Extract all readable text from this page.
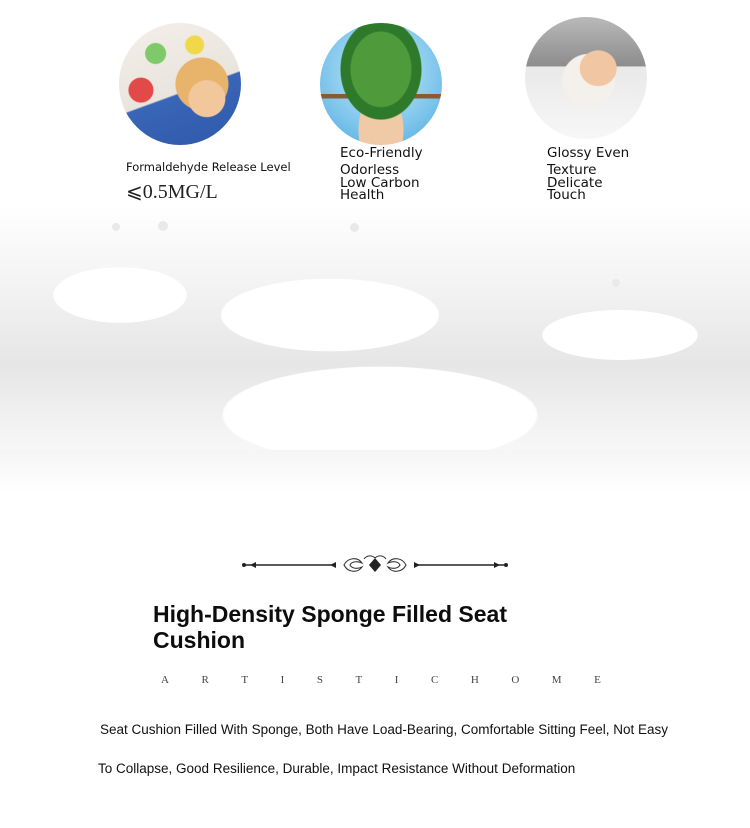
Formaldehyde Release Level
⩽0.5MG/L
Eco-Friendly
Odorless
Low Carbon
Health
Glossy Even
Texture
Delicate
Touch
High-Density Sponge Filled Seat Cushion
A	R	T	I	S	T	I	C	H	O	M	E
Seat Cushion Filled With Sponge, Both Have Load-Bearing, Comfortable Sitting Feel, Not Easy
To Collapse, Good Resilience, Durable, Impact Resistance Without Deformation
